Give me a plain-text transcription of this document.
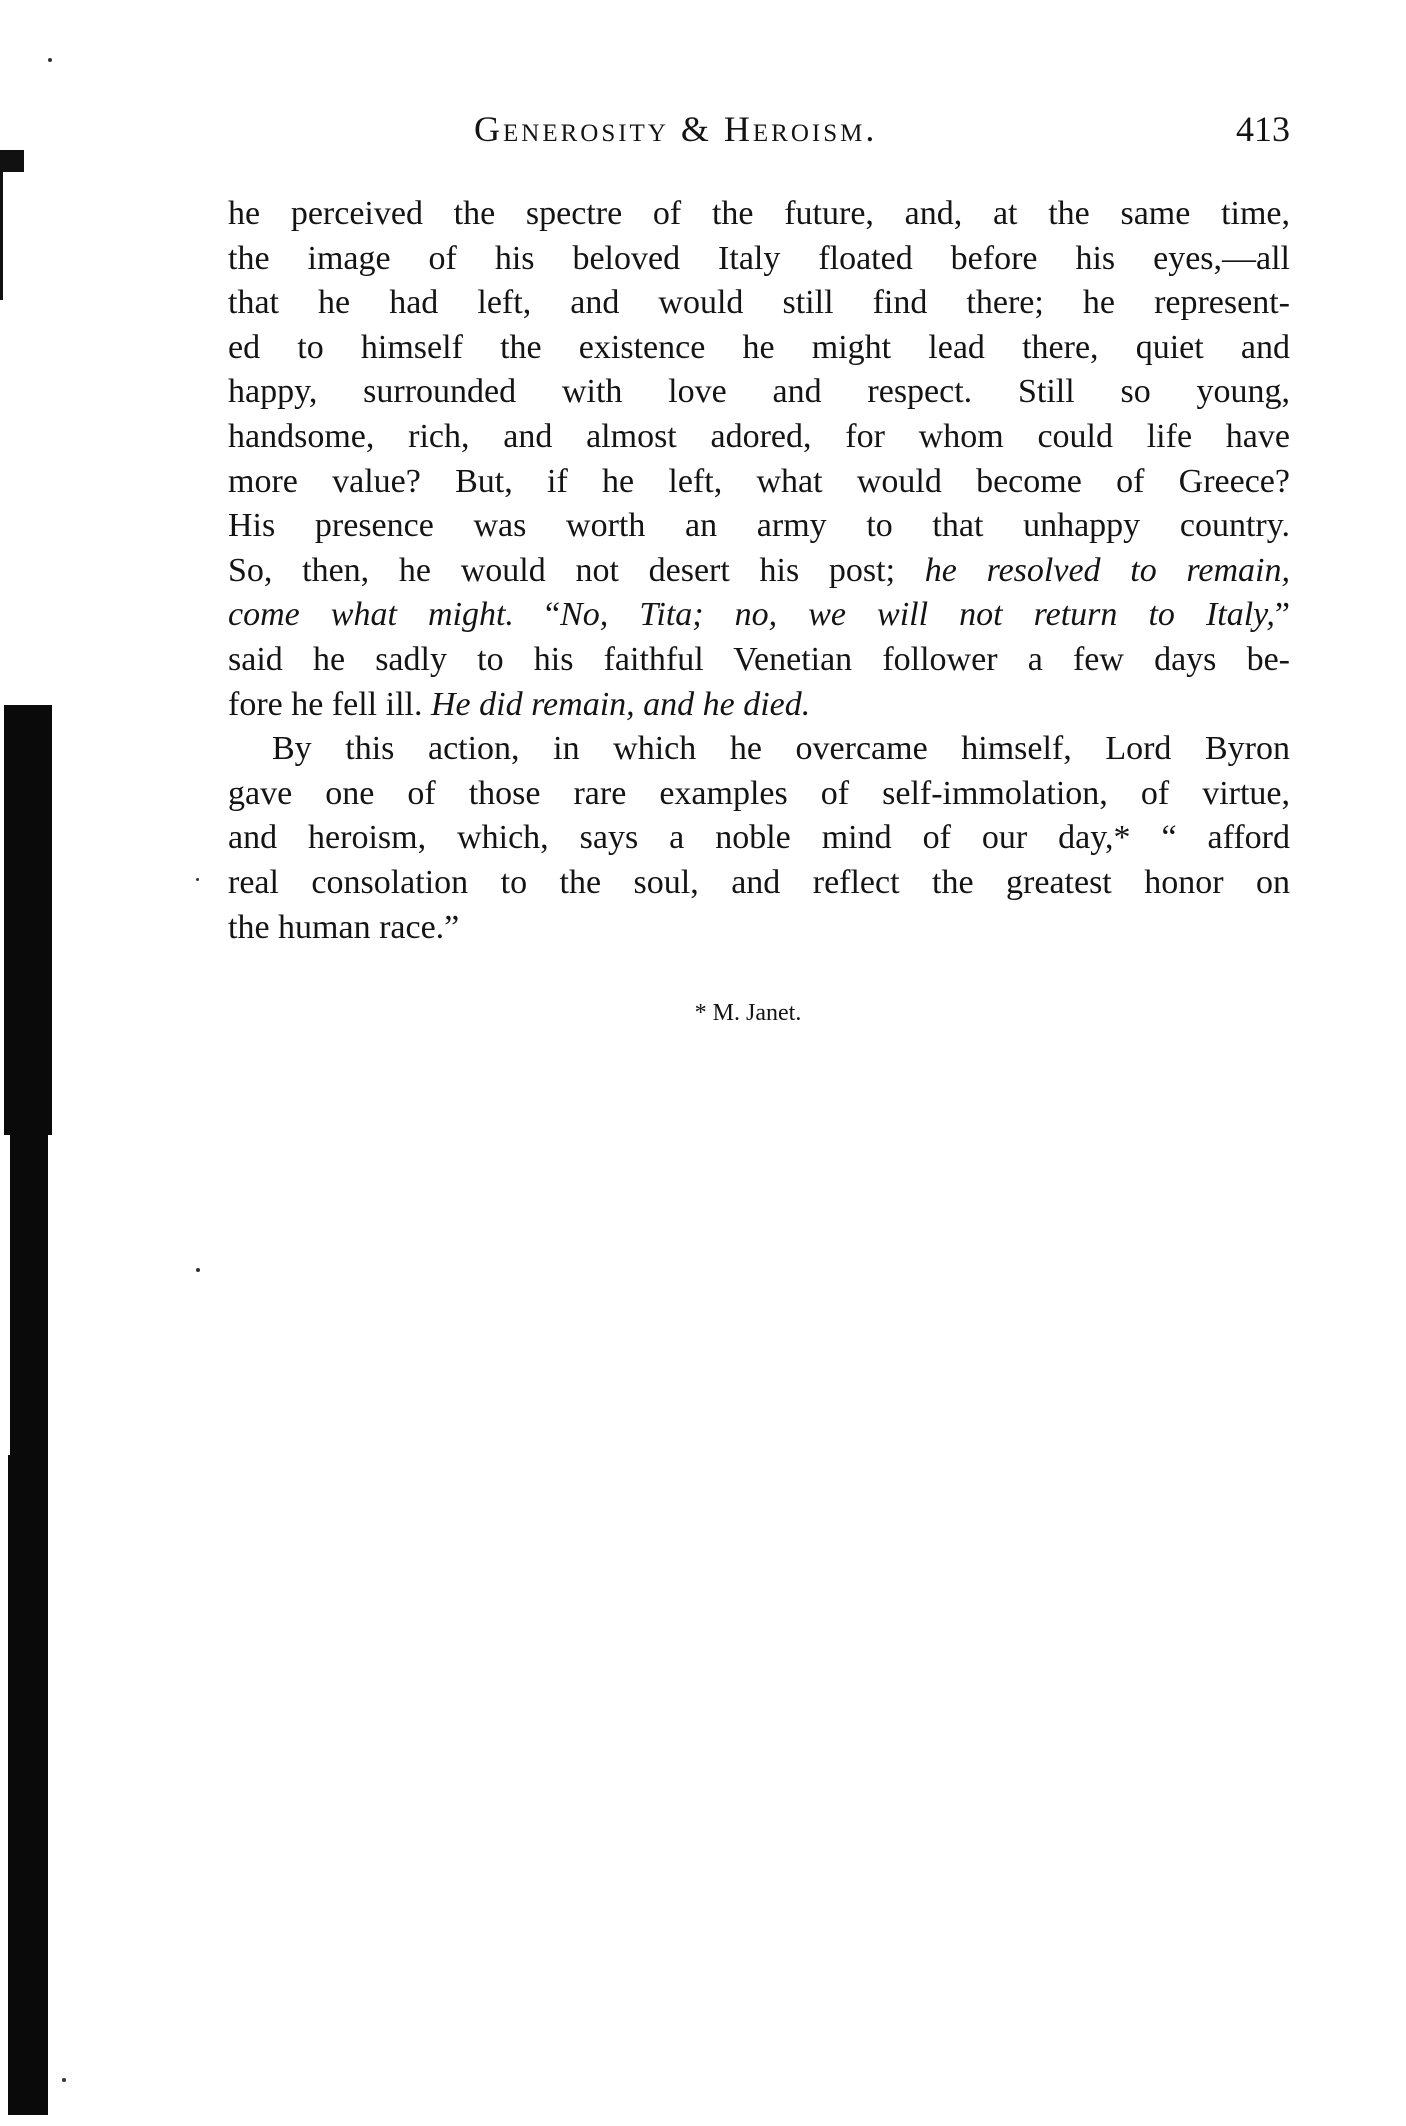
Generosity & Heroism.	413
he perceived the spectre of the future, and, at the same time,
the image of his beloved Italy floated before his eyes,—all
that he had left, and would still find there; he represent-
ed to himself the existence he might lead there, quiet and
happy, surrounded with love and respect. Still so young,
handsome, rich, and almost adored, for whom could life have
more value? But, if he left, what would become of Greece?
His presence was worth an army to that unhappy country.
So, then, he would not desert his post; he resolved to remain,
come what might. “No, Tita; no, we will not return to Italy,”
said he sadly to his faithful Venetian follower a few days be-
fore he fell ill. He did remain, and he died.
By this action, in which he overcame himself, Lord Byron
gave one of those rare examples of self-immolation, of virtue,
and heroism, which, says a noble mind of our day,* “ afford
real consolation to the soul, and reflect the greatest honor on
the human race.”
* M. Janet.
